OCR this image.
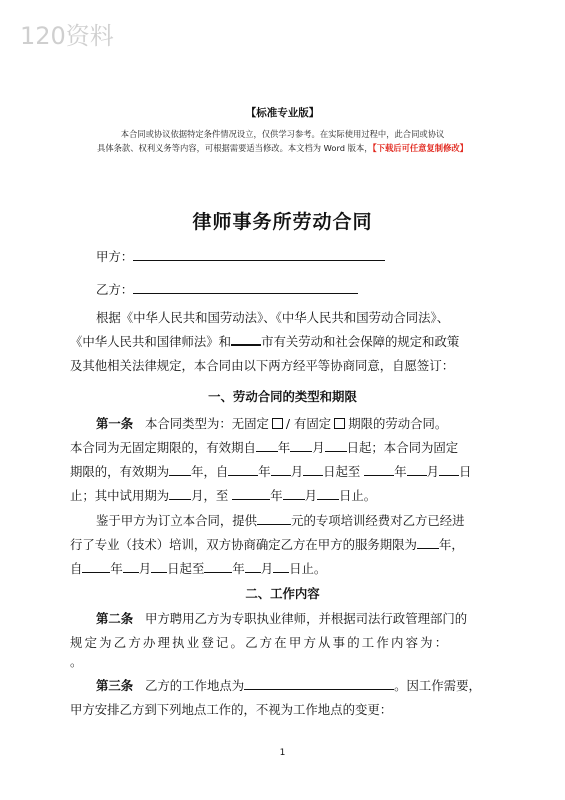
120资料
【标准专业版】
本合同或协议依据特定条件情况设立，仅供学习参考。在实际使用过程中，此合同或协议
具体条款、权利义务等内容，可根据需要适当修改。本文档为 Word 版本，【下载后可任意复制修改】
律师事务所劳动合同
甲方：
乙方：
根据《中华人民共和国劳动法》、《中华人民共和国劳动合同法》、
《中华人民共和国律师法》和 市有关劳动和社会保障的规定和政策
及其他相关法律规定，本合同由以下两方经平等协商同意，自愿签订：
一、劳动合同的类型和期限
第一条 本合同类型为：无固定 / 有固定 期限的劳动合同。
本合同为无固定期限的，有效期自 年 月 日起；本合同为固定
期限的，有效期为 年，自 年 月 日起至	年 月 日
止；其中试用期为 月，至	年 月 日止。
鉴于甲方为订立本合同，提供	元的专项培训经费对乙方已经进
行了专业（技术）培训，双方协商确定乙方在甲方的服务期限为 年，
自 年 月 日起至 年 月 日止。
二、工作内容
第二条 甲方聘用乙方为专职执业律师，并根据司法行政管理部门的
规定为乙方办理执业登记。乙方在甲方从事的工作内容为：
。
第三条 乙方的工作地点为	。因工作需要，
甲方安排乙方到下列地点工作的，不视为工作地点的变更：
1
